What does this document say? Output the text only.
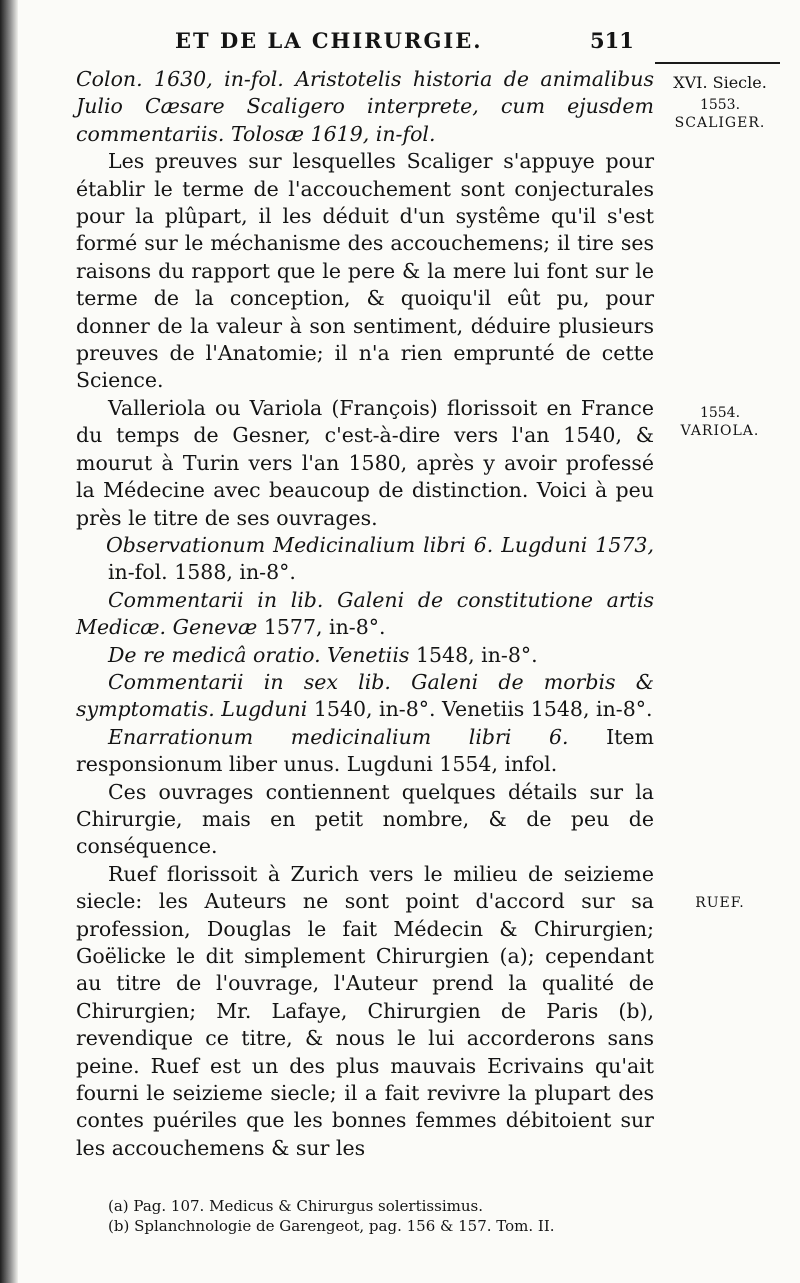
ET DE LA CHIRURGIE.	511
XVI. Siecle.
1553.
SCALIGER.
1554.
VARIOLA.
RUEF.

Colon. 1630, in-fol. Aristotelis historia de animalibus Julio Cæsare Scaligero interprete, cum ejusdem commentariis. Tolosæ 1619, in-fol.

Les preuves sur lesquelles Scaliger s'appuye pour établir le terme de l'accouchement sont conjecturales pour la plûpart, il les déduit d'un systême qu'il s'est formé sur le méchanisme des accouchemens; il tire ses raisons du rapport que le pere & la mere lui font sur le terme de la conception, & quoiqu'il eût pu, pour donner de la valeur à son sentiment, déduire plusieurs preuves de l'Anatomie; il n'a rien emprunté de cette Science.

Valleriola ou Variola (François) florissoit en France du temps de Gesner, c'est-à-dire vers l'an 1540, & mourut à Turin vers l'an 1580, après y avoir professé la Médecine avec beaucoup de distinction. Voici à peu près le titre de ses ouvrages.

Observationum Medicinalium libri 6. Lugduni 1573, in-fol. 1588, in-8°.

Commentarii in lib. Galeni de constitutione artis Medicæ. Genevæ 1577, in-8°.

De re medicâ oratio. Venetiis 1548, in-8°.

Commentarii in sex lib. Galeni de morbis & symptomatis. Lugduni 1540, in-8°. Venetiis 1548, in-8°.

Enarrationum medicinalium libri 6. Item responsionum liber unus. Lugduni 1554, infol.

Ces ouvrages contiennent quelques détails sur la Chirurgie, mais en petit nombre, & de peu de conséquence.

Ruef florissoit à Zurich vers le milieu de seizieme siecle: les Auteurs ne sont point d'accord sur sa profession, Douglas le fait Médecin & Chirurgien; Goëlicke le dit simplement Chirurgien (a); cependant au titre de l'ouvrage, l'Auteur prend la qualité de Chirurgien; Mr. Lafaye, Chirurgien de Paris (b), revendique ce titre, & nous le lui accorderons sans peine. Ruef est un des plus mauvais Ecrivains qu'ait fourni le seizieme siecle; il a fait revivre la plupart des contes puériles que les bonnes femmes débitoient sur les accouchemens & sur les

(a) Pag. 107. Medicus & Chirurgus solertissimus.

(b) Splanchnologie de Garengeot, pag. 156 & 157. Tom. II.
